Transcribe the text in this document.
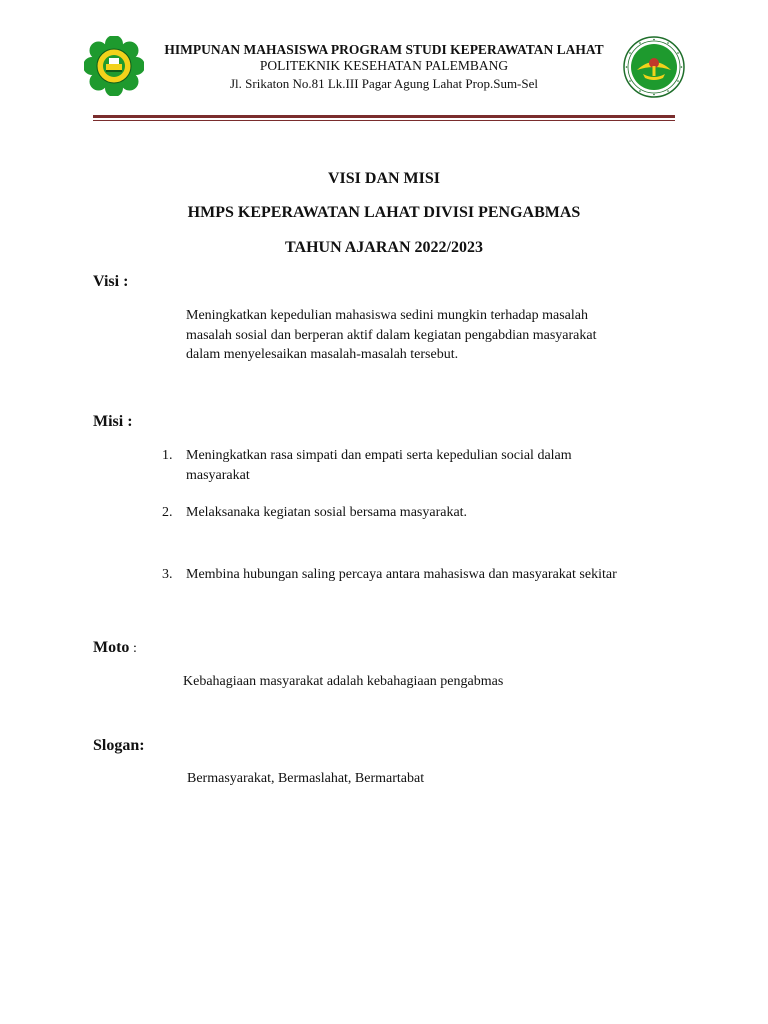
HIMPUNAN MAHASISWA PROGRAM STUDI KEPERAWATAN LAHAT
POLITEKNIK KESEHATAN PALEMBANG
Jl. Srikaton No.81 Lk.III Pagar Agung Lahat Prop.Sum-Sel
VISI DAN MISI
HMPS KEPERAWATAN LAHAT DIVISI PENGABMAS
TAHUN AJARAN 2022/2023
Visi :
Meningkatkan kepedulian mahasiswa sedini mungkin terhadap masalah
masalah sosial dan berperan aktif dalam kegiatan pengabdian masyarakat
dalam menyelesaikan masalah-masalah tersebut.
Misi :
1. Meningkatkan rasa simpati dan empati serta kepedulian social dalam
masyarakat
2. Melaksanaka kegiatan sosial bersama masyarakat.
3. Membina hubungan saling percaya antara mahasiswa dan masyarakat sekitar
Moto :
Kebahagiaan masyarakat adalah kebahagiaan pengabmas
Slogan:
Bermasyarakat, Bermaslahat, Bermartabat
